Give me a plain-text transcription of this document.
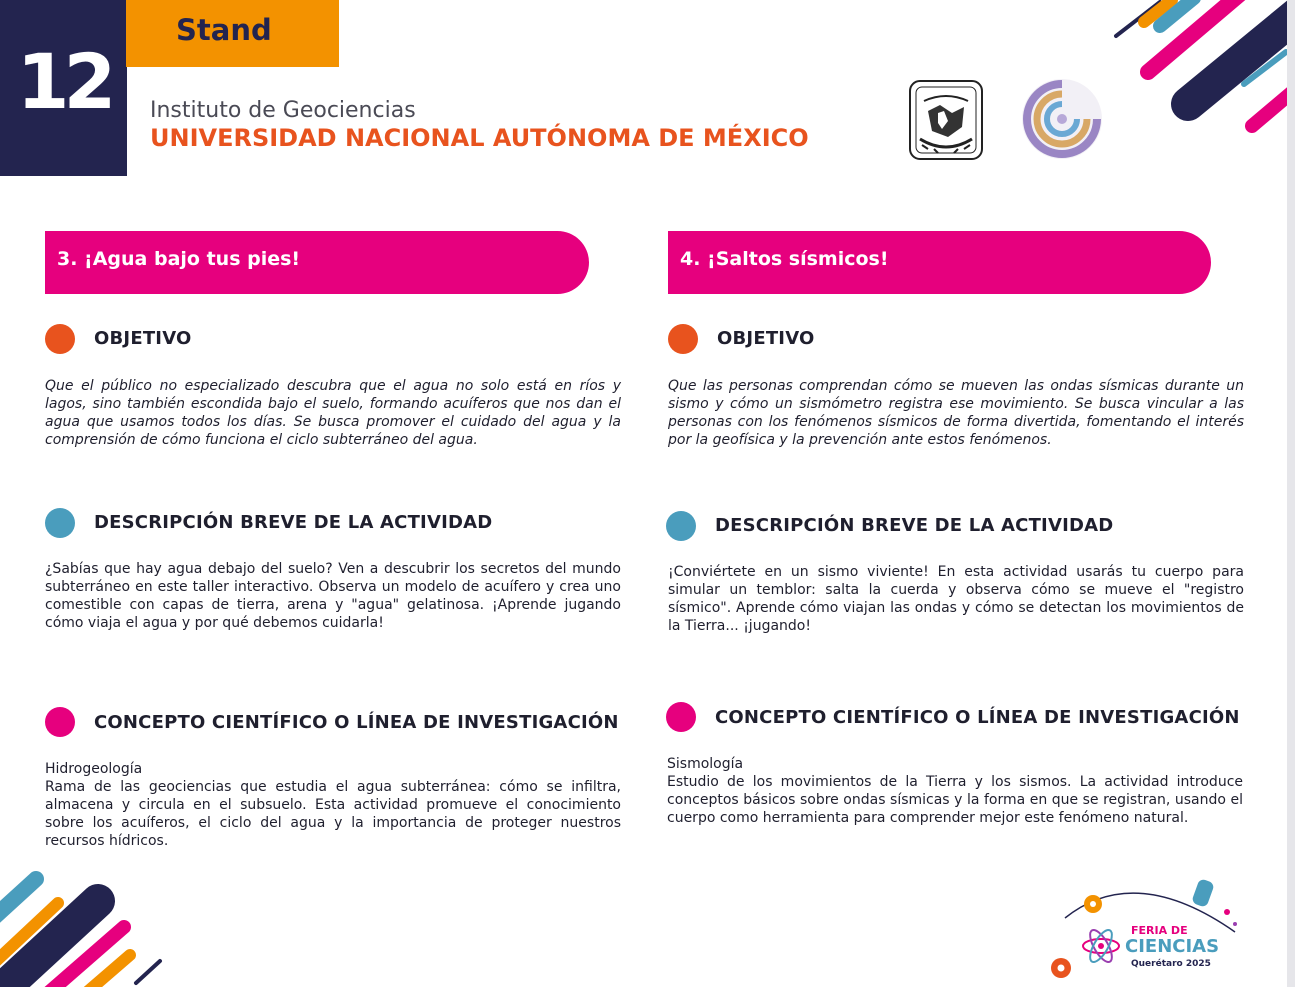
12
Stand
Instituto de Geociencias
UNIVERSIDAD NACIONAL AUTÓNOMA DE MÉXICO
3. ¡Agua bajo tus pies!
OBJETIVO
Que el público no especializado descubra que el agua no solo está en ríos y lagos, sino también escondida bajo el suelo, formando acuíferos que nos dan el agua que usamos todos los días. Se busca promover el cuidado del agua y la comprensión de cómo funciona el ciclo subterráneo del agua.
DESCRIPCIÓN BREVE DE LA ACTIVIDAD
¿Sabías que hay agua debajo del suelo? Ven a descubrir los secretos del mundo subterráneo en este taller interactivo. Observa un modelo de acuífero y crea uno comestible con capas de tierra, arena y "agua" gelatinosa. ¡Aprende jugando cómo viaja el agua y por qué debemos cuidarla!
CONCEPTO CIENTÍFICO O LÍNEA DE INVESTIGACIÓN

Hidrogeología

Rama de las geociencias que estudia el agua subterránea: cómo se infiltra, almacena y circula en el subsuelo. Esta actividad promueve el conocimiento sobre los acuíferos, el ciclo del agua y la importancia de proteger nuestros recursos hídricos.

4. ¡Saltos sísmicos!
OBJETIVO
Que las personas comprendan cómo se mueven las ondas sísmicas durante un sismo y cómo un sismómetro registra ese movimiento. Se busca vincular a las personas con los fenómenos sísmicos de forma divertida, fomentando el interés por la geofísica y la prevención ante estos fenómenos.
DESCRIPCIÓN BREVE DE LA ACTIVIDAD
¡Conviértete en un sismo viviente! En esta actividad usarás tu cuerpo para simular un temblor: salta la cuerda y observa cómo se mueve el "registro sísmico". Aprende cómo viajan las ondas y cómo se detectan los movimientos de la Tierra... ¡jugando!
CONCEPTO CIENTÍFICO O LÍNEA DE INVESTIGACIÓN

Sismología

Estudio de los movimientos de la Tierra y los sismos. La actividad introduce conceptos básicos sobre ondas sísmicas y la forma en que se registran, usando el cuerpo como herramienta para comprender mejor este fenómeno natural.

FERIA DE
CIENCIAS
Querétaro 2025
